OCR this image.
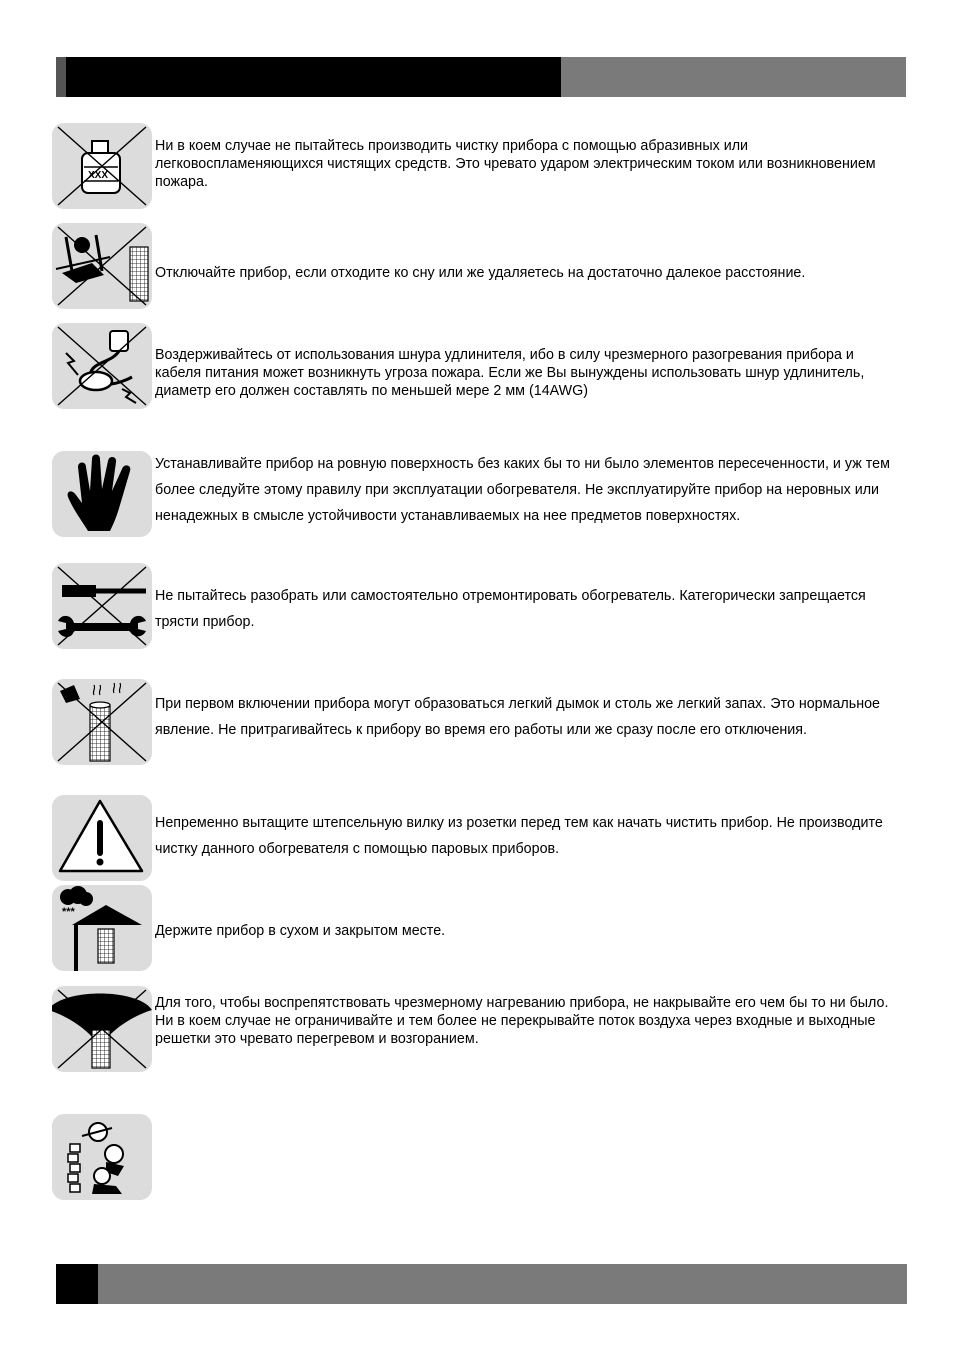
XXX

Ни в коем случае не пытайтесь производить чистку прибора с помощью абразивных или легковоспламеняющихся чистящих средств. Это чревато ударом электрическим током или возникновением пожара.

Отключайте прибор, если отходите ко сну или же удаляетесь на достаточно далекое расстояние.

Воздерживайтесь от использования шнура удлинителя, ибо в силу чрезмерного разогревания прибора и кабеля питания может возникнуть угроза пожара. Если же Вы вынуждены использовать шнур удлинитель, диаметр его должен составлять по меньшей мере 2 мм (14AWG)

Устанавливайте прибор на ровную поверхность без каких бы то ни было элементов пересеченности, и уж тем более следуйте этому правилу при эксплуатации обогревателя. Не эксплуатируйте прибор на неровных или ненадежных в смысле устойчивости устанавливаемых на нее предметов поверхностях.

Не пытайтесь разобрать или самостоятельно отремонтировать обогреватель. Категорически запрещается трясти прибор.

При первом включении прибора могут образоваться легкий дымок и столь же легкий запах. Это нормальное явление. Не притрагивайтесь к прибору во время его работы или же сразу после его отключения.

Непременно вытащите штепсельную вилку из розетки перед тем как начать чистить прибор. Не производите чистку данного обогревателя с помощью паровых приборов.

***

Держите прибор в сухом и закрытом месте.

Для того, чтобы воспрепятствовать чрезмерному нагреванию прибора, не накрывайте его чем бы то ни было. Ни в коем случае не ограничивайте и тем более не перекрывайте поток воздуха через входные и выходные решетки это чревато перегревом и возгоранием.
